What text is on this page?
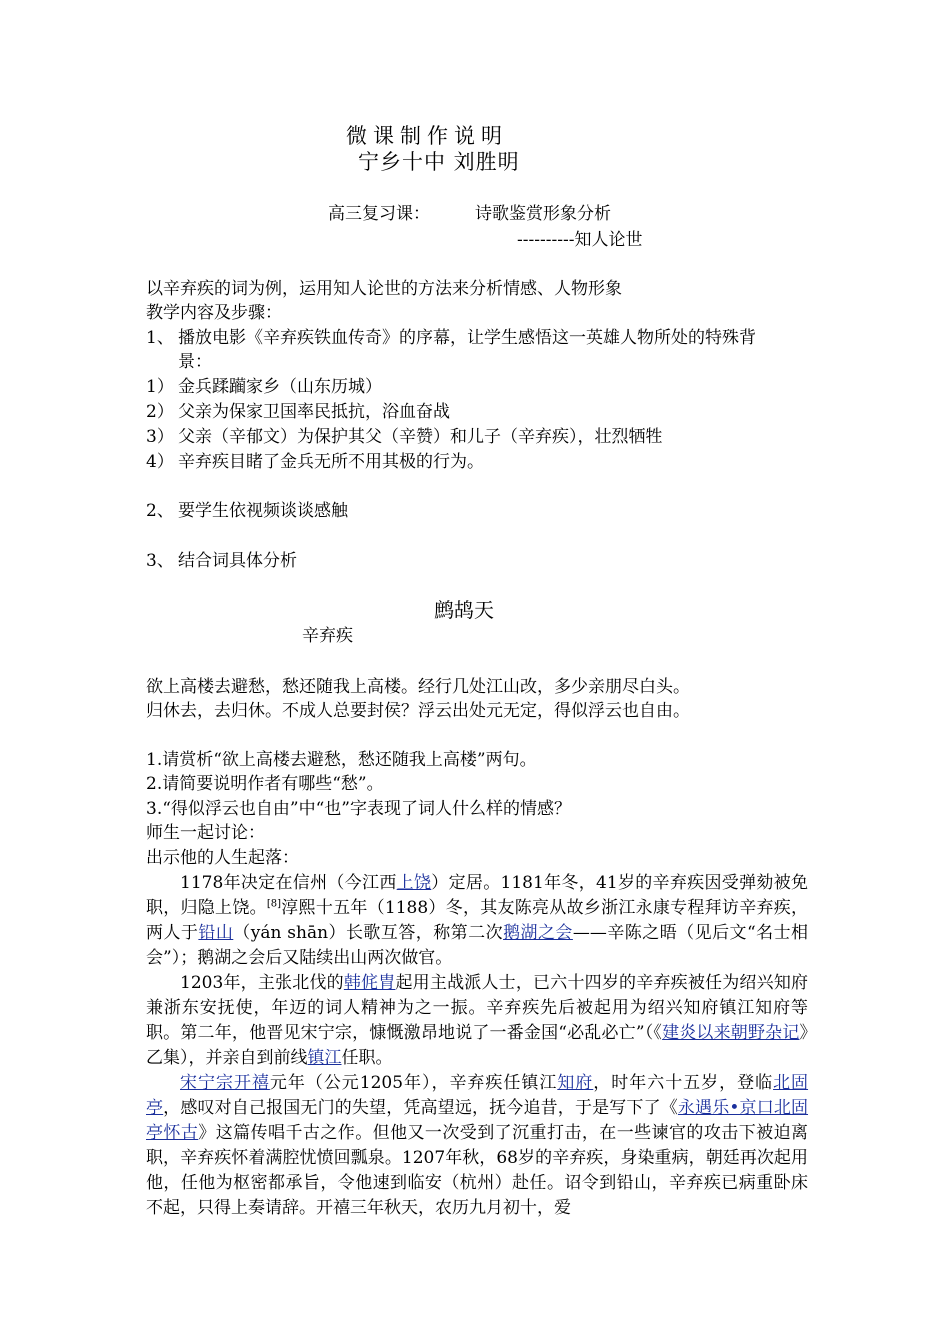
微课制作说明
宁乡十中 刘胜明
高三复习课：	诗歌鉴赏形象分析
----------知人论世
以辛弃疾的词为例，运用知人论世的方法来分析情感、人物形象
教学内容及步骤：
1、 播放电影《辛弃疾铁血传奇》的序幕，让学生感悟这一英雄人物所处的特殊背
景：
1） 金兵蹂躏家乡（山东历城）
2） 父亲为保家卫国率民抵抗，浴血奋战
3） 父亲（辛郁文）为保护其父（辛赞）和儿子（辛弃疾），壮烈牺牲
4） 辛弃疾目睹了金兵无所不用其极的行为。
2、 要学生依视频谈谈感触
3、 结合词具体分析
鹧鸪天
辛弃疾
欲上高楼去避愁，愁还随我上高楼。经行几处江山改，多少亲朋尽白头。
归休去，去归休。不成人总要封侯？浮云出处元无定，得似浮云也自由。
1.请赏析“欲上高楼去避愁，愁还随我上高楼”两句。
2.请简要说明作者有哪些“愁”。
3.“得似浮云也自由”中“也”字表现了词人什么样的情感？
师生一起讨论：
出示他的人生起落：
1178年决定在信州（今江西上饶）定居。1181年冬，41岁的辛弃疾因受弹劾被免职，归隐上饶。[8]淳熙十五年（1188）冬，其友陈亮从故乡浙江永康专程拜访辛弃疾，两人于铅山（yán shān）长歌互答，称第二次鹅湖之会——辛陈之晤（见后文“名士相会”）；鹅湖之会后又陆续出山两次做官。
1203年，主张北伐的韩侂胄起用主战派人士，已六十四岁的辛弃疾被任为绍兴知府兼浙东安抚使，年迈的词人精神为之一振。辛弃疾先后被起用为绍兴知府镇江知府等职。第二年，他晋见宋宁宗，慷慨激昂地说了一番金国“必乱必亡”（《建炎以来朝野杂记》乙集），并亲自到前线镇江任职。
宋宁宗开禧元年（公元1205年），辛弃疾任镇江知府，时年六十五岁，登临北固亭，感叹对自己报国无门的失望，凭高望远，抚今追昔，于是写下了《永遇乐•京口北固亭怀古》这篇传唱千古之作。但他又一次受到了沉重打击，在一些谏官的攻击下被迫离职，辛弃疾怀着满腔忧愤回瓢泉。1207年秋，68岁的辛弃疾，身染重病，朝廷再次起用他，任他为枢密都承旨，令他速到临安（杭州）赴任。诏令到铅山，辛弃疾已病重卧床不起，只得上奏请辞。开禧三年秋天，农历九月初十，爱
